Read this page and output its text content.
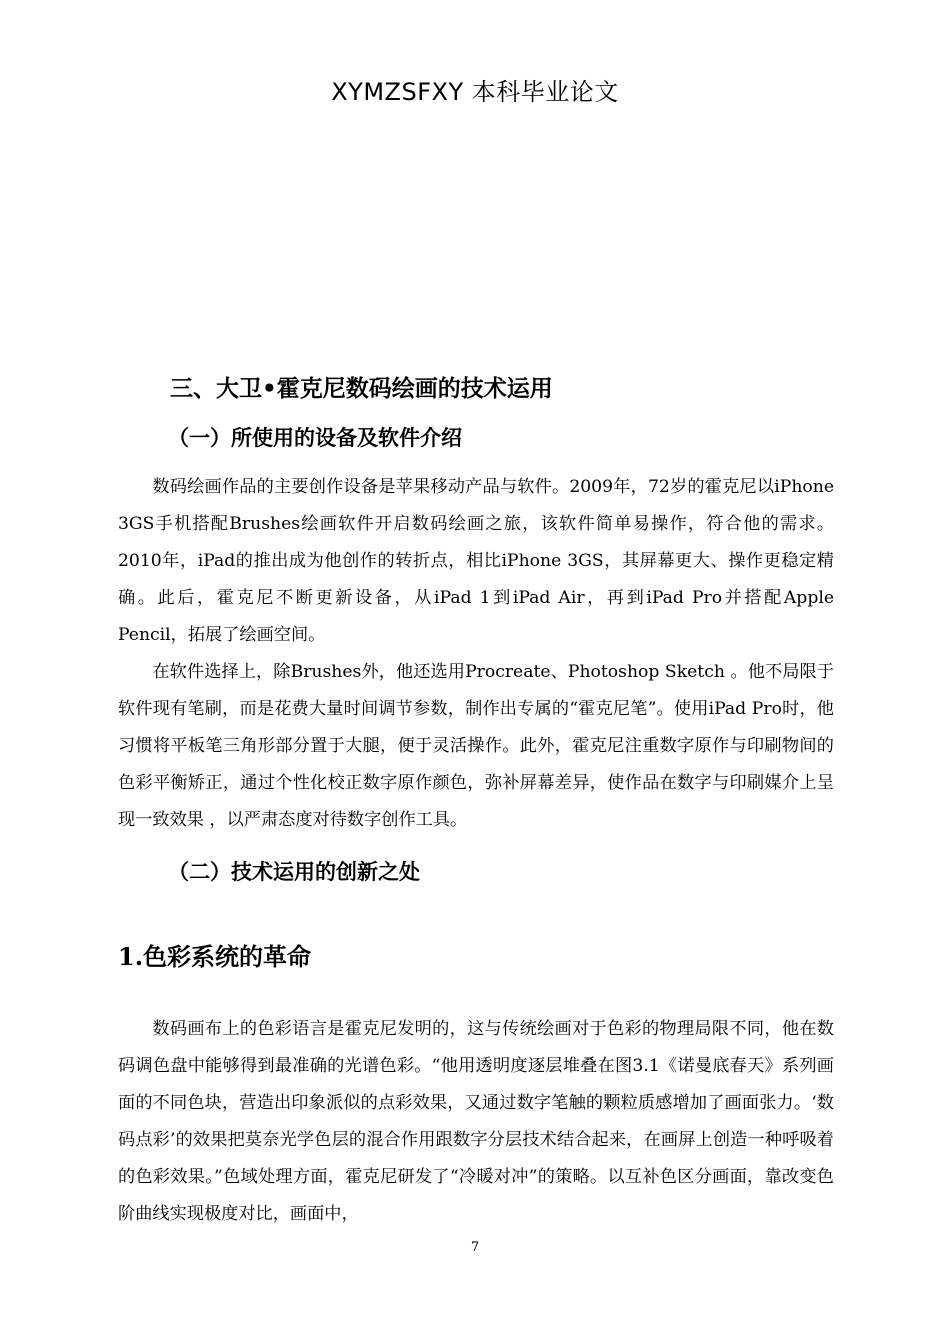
XYMZSFXY 本科毕业论文
三、大卫•霍克尼数码绘画的技术运用
（一）所使用的设备及软件介绍

数码绘画作品的主要创作设备是苹果移动产品与软件。2009年，72岁的霍克尼以iPhone 3GS手机搭配Brushes绘画软件开启数码绘画之旅，该软件简单易操作，符合他的需求。2010年，iPad的推出成为他创作的转折点，相比iPhone 3GS，其屏幕更大、操作更稳定精确。此后，霍克尼不断更新设备，从iPad 1到iPad Air，再到iPad Pro并搭配Apple Pencil，拓展了绘画空间。

在软件选择上，除Brushes外，他还选用Procreate、Photoshop Sketch 。他不局限于软件现有笔刷，而是花费大量时间调节参数，制作出专属的“霍克尼笔”。使用iPad Pro时，他习惯将平板笔三角形部分置于大腿，便于灵活操作。此外，霍克尼注重数字原作与印刷物间的色彩平衡矫正，通过个性化校正数字原作颜色，弥补屏幕差异，使作品在数字与印刷媒介上呈现一致效果 ，以严肃态度对待数字创作工具。

（二）技术运用的创新之处
1.色彩系统的革命

数码画布上的色彩语言是霍克尼发明的，这与传统绘画对于色彩的物理局限不同，他在数码调色盘中能够得到最准确的光谱色彩。“他用透明度逐层堆叠在图3.1《诺曼底春天》系列画面的不同色块，营造出印象派似的点彩效果，又通过数字笔触的颗粒质感增加了画面张力。‘数码点彩’的效果把莫奈光学色层的混合作用跟数字分层技术结合起来，在画屏上创造一种呼吸着的色彩效果。”色域处理方面，霍克尼研发了“冷暖对冲”的策略。以互补色区分画面，靠改变色阶曲线实现极度对比，画面中，

7
